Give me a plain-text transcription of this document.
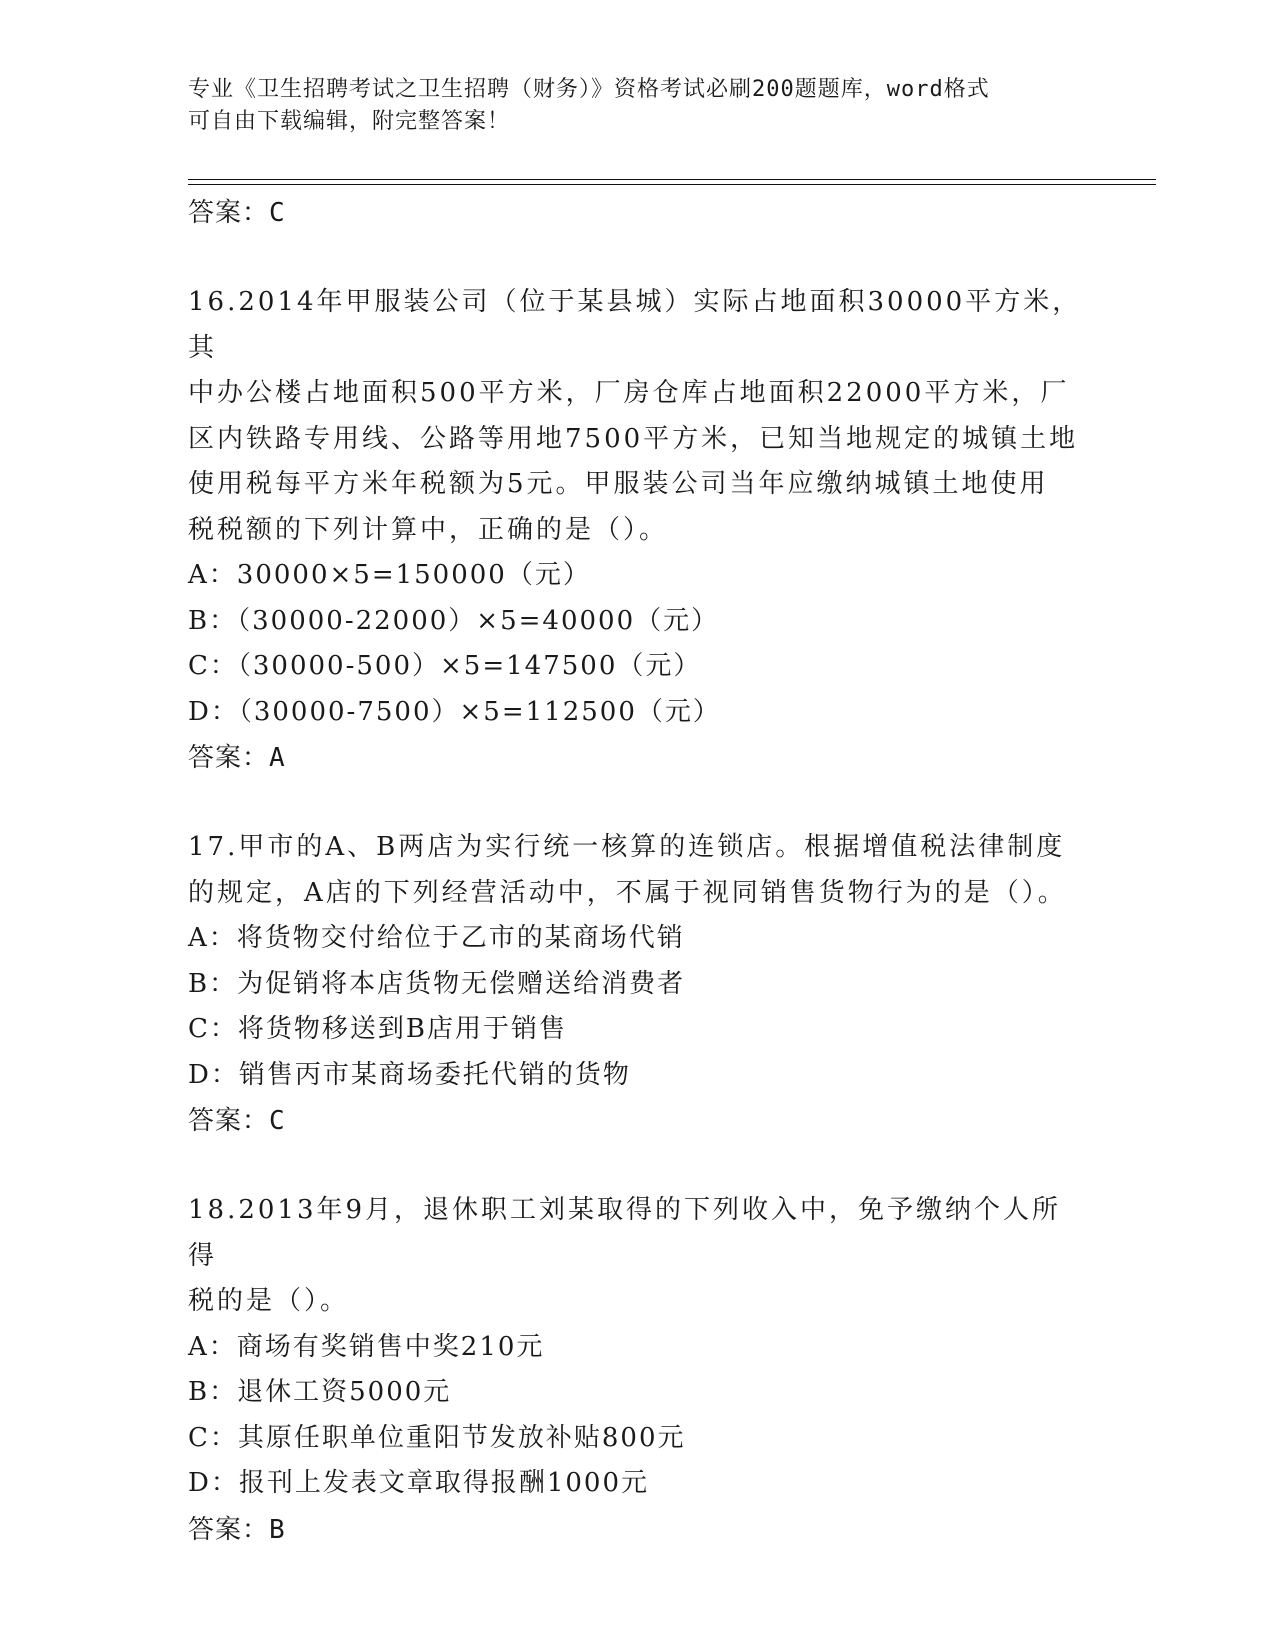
专业《卫生招聘考试之卫生招聘（财务）》资格考试必刷200题题库，word格式
可自由下载编辑，附完整答案！
答案：C
16.2014年甲服装公司（位于某县城）实际占地面积30000平方米，其
中办公楼占地面积500平方米，厂房仓库占地面积22000平方米，厂
区内铁路专用线、公路等用地7500平方米，已知当地规定的城镇土地
使用税每平方米年税额为5元。甲服装公司当年应缴纳城镇土地使用
税税额的下列计算中，正确的是（）。
A：30000×5=150000（元）
B：（30000-22000）×5=40000（元）
C：（30000-500）×5=147500（元）
D：（30000-7500）×5=112500（元）
答案：A
17.甲市的A、B两店为实行统一核算的连锁店。根据增值税法律制度
的规定，A店的下列经营活动中，不属于视同销售货物行为的是（）。
A：将货物交付给位于乙市的某商场代销
B：为促销将本店货物无偿赠送给消费者
C：将货物移送到B店用于销售
D：销售丙市某商场委托代销的货物
答案：C
18.2013年9月，退休职工刘某取得的下列收入中，免予缴纳个人所得
税的是（）。
A：商场有奖销售中奖210元
B：退休工资5000元
C：其原任职单位重阳节发放补贴800元
D：报刊上发表文章取得报酬1000元
答案：B
